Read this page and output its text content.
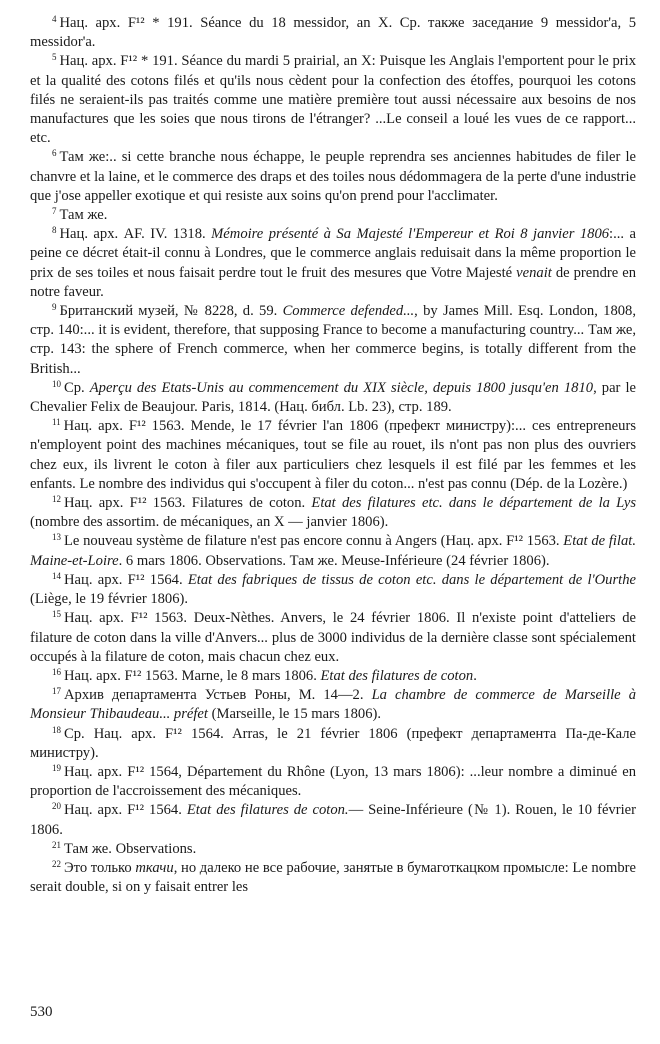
$^4$ Нац. арх. F¹² * 191. Séance du 18 messidor, an X. Cp. также заседание 9 messidor'a, 5 messidor'a.

$^5$ Нац. арх. F¹² * 191. Séance du mardi 5 prairial, an X: Puisque les Anglais l'emportent pour le prix et la qualité des cotons filés et qu'ils nous cèdent pour la confection des étoffes, pourquoi les cotons filés ne seraient-ils pas traités comme une matière première tout aussi nécessaire aux besoins de nos manufactures que les soies que nous tirons de l'étranger? ...Le conseil a loué les vues de ce rapport... etc.

$^6$ Там же:.. si cette branche nous échappe, le peuple reprendra ses anciennes habitudes de filer le chanvre et la laine, et le commerce des draps et des toiles nous dédommagera de la perte d'une industrie que j'ose appeller exotique et qui resiste aux soins qu'on prend pour l'acclimater.

$^7$ Там же.

$^8$ Нац. арх. AF. IV. 1318. Mémoire présenté à Sa Majesté l'Empereur et Roi 8 janvier 1806:... a peine ce décret était-il connu à Londres, que le commerce anglais reduisait dans la même proportion le prix de ses toiles et nous faisait perdre tout le fruit des mesures que Votre Majesté venait de prendre en notre faveur.

$^9$ Британский музей, № 8228, d. 59. Commerce defended..., by James Mill. Esq. London, 1808, стр. 140:... it is evident, therefore, that supposing France to become a manufacturing country... Там же, стр. 143: the sphere of French commerce, when her commerce begins, is totally different from the British...

$^{10}$ Ср. Aperçu des Etats-Unis au commencement du XIX siècle, depuis 1800 jusqu'en 1810, par le Chevalier Felix de Beaujour. Paris, 1814. (Нац. библ. Lb. 23), стр. 189.

$^{11}$ Нац. арх. F¹² 1563. Mende, le 17 février l'an 1806 (префект министру):... ces entrepreneurs n'employent point des machines mécaniques, tout se file au rouet, ils n'ont pas non plus des ouvriers chez eux, ils livrent le coton à filer aux particuliers chez lesquels il est filé par les femmes et les enfants. Le nombre des individus qui s'occupent à filer du coton... n'est pas connu (Dép. de la Lozère.)

$^{12}$ Нац. арх. F¹² 1563. Filatures de coton. Etat des filatures etc. dans le département de la Lys (nombre des assortim. de mécaniques, an X — janvier 1806).

$^{13}$ Le nouveau système de filature n'est pas encore connu à Angers (Нац. арх. F¹² 1563. Etat de filat. Maine-et-Loire. 6 mars 1806. Observations. Там же. Meuse-Inférieure (24 février 1806).

$^{14}$ Нац. арх. F¹² 1564. Etat des fabriques de tissus de coton etc. dans le département de l'Ourthe (Liège, le 19 février 1806).

$^{15}$ Нац. арх. F¹² 1563. Deux-Nèthes. Anvers, le 24 février 1806. Il n'existe point d'atteliers de filature de coton dans la ville d'Anvers... plus de 3000 individus de la dernière classe sont spécialement occupés à la filature de coton, mais chacun chez eux.

$^{16}$ Нац. арх. F¹² 1563. Marne, le 8 mars 1806. Etat des filatures de coton.

$^{17}$ Архив департамента Устьев Роны, M. 14—2. La chambre de commerce de Marseille à Monsieur Thibaudeau... préfet (Marseille, le 15 mars 1806).

$^{18}$ Ср. Нац. арх. F¹² 1564. Arras, le 21 février 1806 (префект департамента Па-де-Кале министру).

$^{19}$ Нац. арх. F¹² 1564, Département du Rhône (Lyon, 13 mars 1806): ...leur nombre a diminué en proportion de l'accroissement des mécaniques.

$^{20}$ Нац. арх. F¹² 1564. Etat des filatures de coton.— Seine-Inférieure (№ 1). Rouen, le 10 février 1806.

$^{21}$ Там же. Observations.

$^{22}$ Это только ткачи, но далеко не все рабочие, занятые в бумаготкацком промысле: Le nombre serait double, si on y faisait entrer les

530
